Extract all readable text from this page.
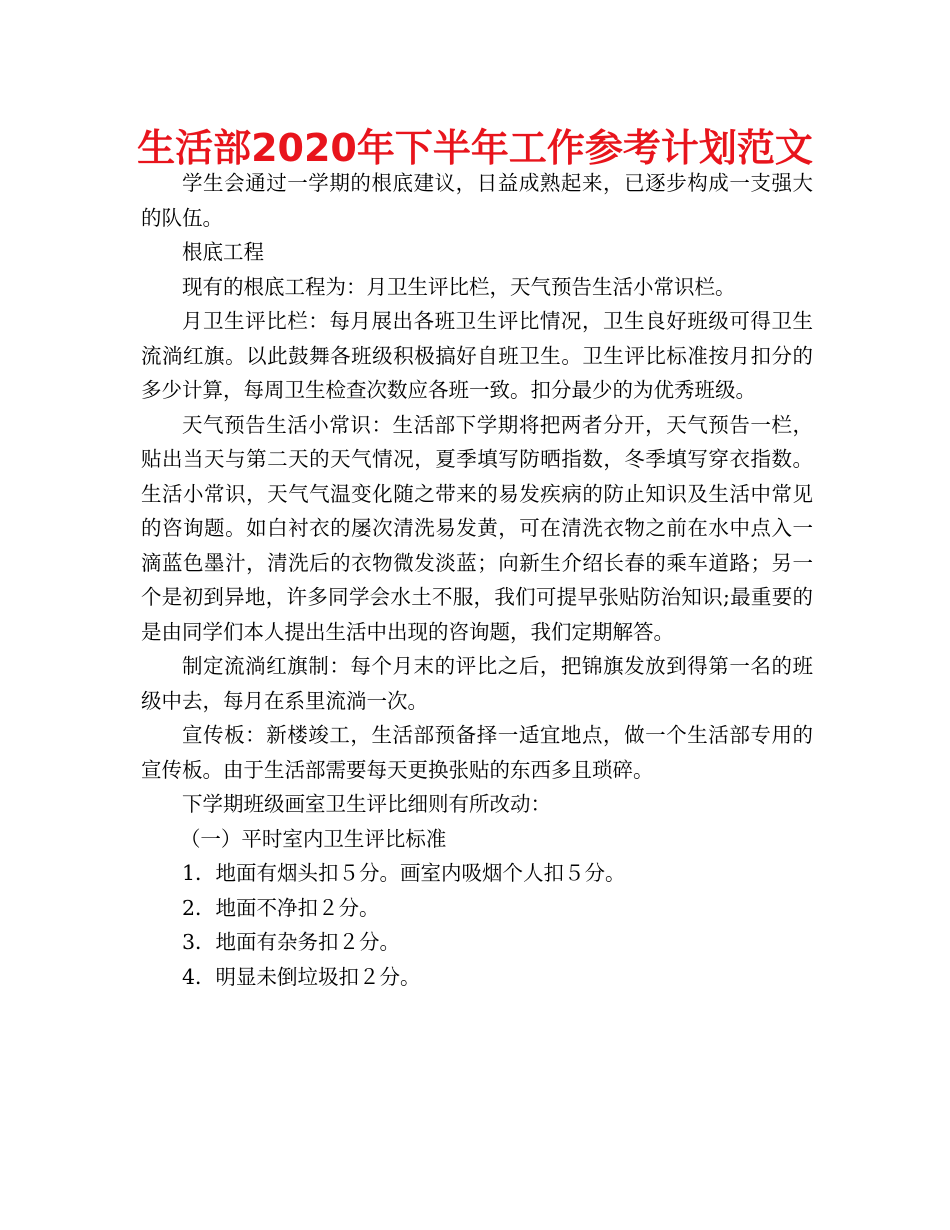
生活部2020年下半年工作参考计划范文

学生会通过一学期的根底建议，日益成熟起来，已逐步构成一支强大的队伍。

根底工程

现有的根底工程为：月卫生评比栏，天气预告生活小常识栏。

月卫生评比栏：每月展出各班卫生评比情况，卫生良好班级可得卫生流淌红旗。以此鼓舞各班级积极搞好自班卫生。卫生评比标准按月扣分的多少计算，每周卫生检查次数应各班一致。扣分最少的为优秀班级。

天气预告生活小常识：生活部下学期将把两者分开，天气预告一栏，贴出当天与第二天的天气情况，夏季填写防晒指数，冬季填写穿衣指数。生活小常识，天气气温变化随之带来的易发疾病的防止知识及生活中常见的咨询题。如白衬衣的屡次清洗易发黄，可在清洗衣物之前在水中点入一滴蓝色墨汁，清洗后的衣物微发淡蓝；向新生介绍长春的乘车道路；另一个是初到异地，许多同学会水土不服，我们可提早张贴防治知识;最重要的是由同学们本人提出生活中出现的咨询题，我们定期解答。

制定流淌红旗制：每个月末的评比之后，把锦旗发放到得第一名的班级中去，每月在系里流淌一次。

宣传板：新楼竣工，生活部预备择一适宜地点，做一个生活部专用的宣传板。由于生活部需要每天更换张贴的东西多且琐碎。

下学期班级画室卫生评比细则有所改动：

（一）平时室内卫生评比标准

1．地面有烟头扣５分。画室内吸烟个人扣５分。

2．地面不净扣２分。

3．地面有杂务扣２分。

4．明显未倒垃圾扣２分。
